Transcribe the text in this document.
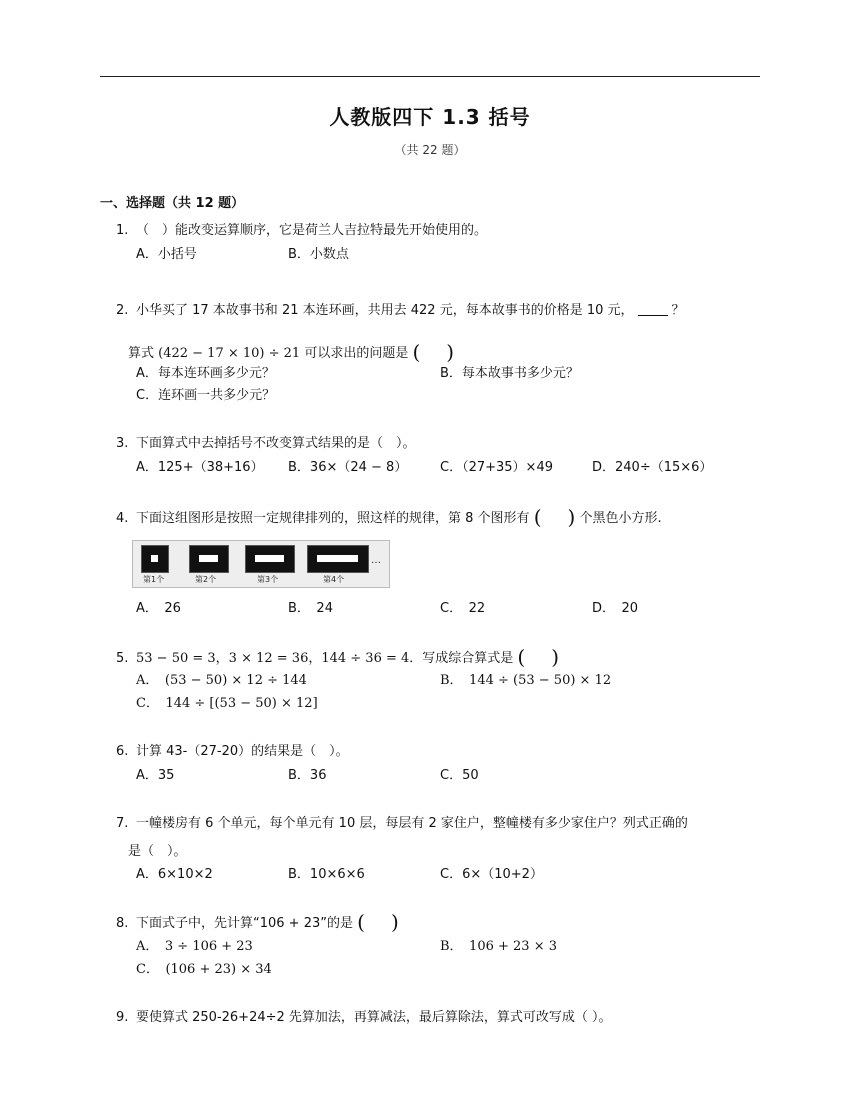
人教版四下 1.3 括号
（共 22 题）
一、选择题（共 12 题）
1. （　）能改变运算顺序，它是荷兰人吉拉特最先开始使用的。
A．小括号	B．小数点
2. 小华买了 17 本故事书和 21 本连环画，共用去 422 元，每本故事书的价格是 10 元，	？
算式 (422 − 17 × 10) ÷ 21 可以求出的问题是 ( )
A．每本连环画多少元？	B．每本故事书多少元？
C．连环画一共多少元？
3. 下面算式中去掉括号不改变算式结果的是（　）。
A．125+（38+16） B．36×（24 − 8）	C．（27+35）×49	D．240÷（15×6）
4. 下面这组图形是按照一定规律排列的，照这样的规律，第 8 个图形有 ( ) 个黑色小方形.
第1个	第2个	第3个	第4个
…
A．　26	B．　24	C．　22	D．　20
5. 53 − 50 = 3，3 × 12 = 36，144 ÷ 36 = 4．写成综合算式是 ( )
A．　(53 − 50) × 12 ÷ 144	B．　144 ÷ (53 − 50) × 12
C．　144 ÷ [(53 − 50) × 12]
6. 计算 43-（27-20）的结果是（　）。
A．35	B．36	C．50
7. 一幢楼房有 6 个单元，每个单元有 10 层，每层有 2 家住户，整幢楼有多少家住户？列式正确的
是（　）。
A．6×10×2	B．10×6×6	C．6×（10+2）
8. 下面式子中，先计算“106 + 23”的是 ( )
A．　3 ÷ 106 + 23	B．　106 + 23 × 3
C．　(106 + 23) × 34
9. 要使算式 250-26+24÷2 先算加法，再算减法，最后算除法，算式可改写成（ ）。
